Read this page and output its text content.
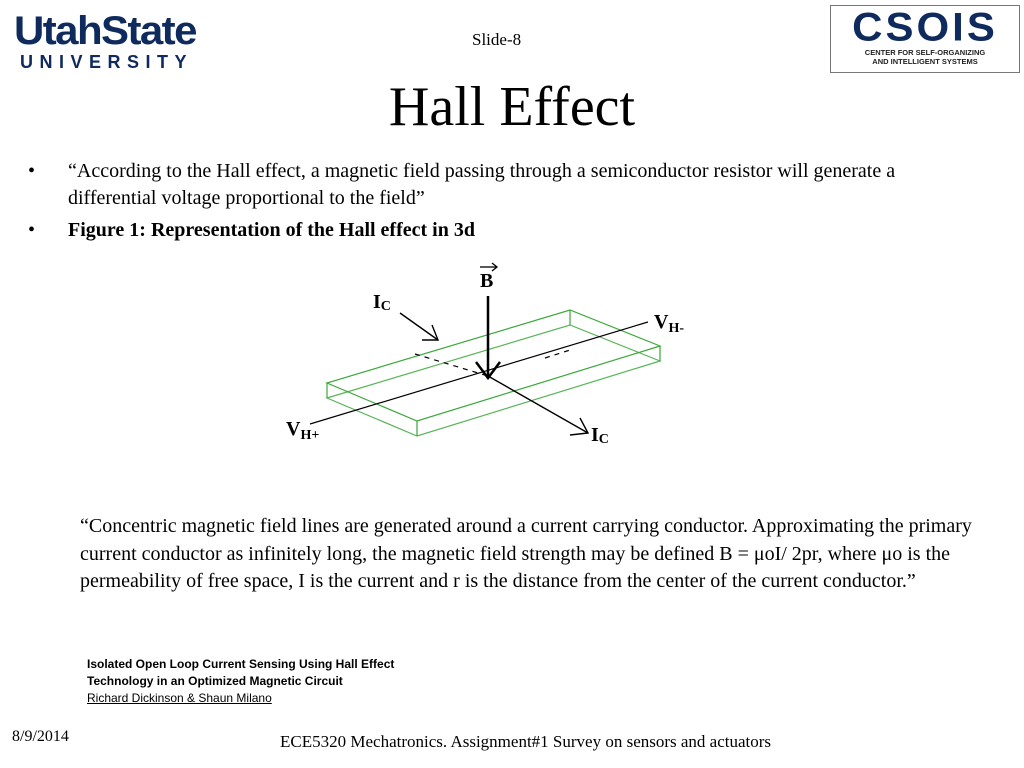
UtahState
UNIVERSITY
CSOIS
CENTER FOR SELF-ORGANIZING
AND INTELLIGENT SYSTEMS
Slide-8
Hall Effect
•	“According to the Hall effect, a magnetic field passing through a semiconductor resistor will generate a differential voltage proportional to the field”
•	Figure 1: Representation of the Hall effect in 3d
B
IC
$V_{H-}$
$V_{H+}$	IC
“Concentric magnetic field lines are generated around a current carrying conductor. Approximating the primary current conductor as infinitely long, the magnetic field strength may be defined B = μoI/ 2pr, where μo is the permeability of free space, I is the current and r is the distance from the center of the current conductor.”
Isolated Open Loop Current Sensing Using Hall Effect
Technology in an Optimized Magnetic Circuit
Richard Dickinson & Shaun Milano
8/9/2014	ECE5320 Mechatronics. Assignment#1 Survey on sensors and actuators
